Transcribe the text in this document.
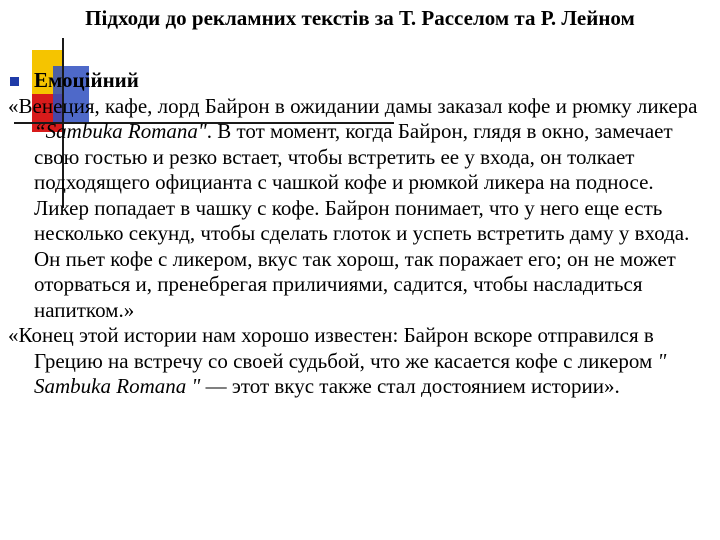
Підходи до рекламних текстів за Т. Расселом та Р. Лейном
Емоційний

«Венеция, кафе, лорд Байрон в ожидании дамы заказал кофе и рюмку ликера “Sambuka Romana". В тот момент, когда Байрон, глядя в окно, замечает свою гостью и резко встает, чтобы встретить ее у входа, он толкает подходящего официанта с чашкой кофе и рюмкой ликера на подносе. Ликер попадает в чашку с кофе. Байрон понимает, что у него еще есть несколько секунд, чтобы сделать глоток и успеть встретить даму у входа. Он пьет кофе с ликером, вкус так хорош, так поражает его; он не может оторваться и, пренебрегая приличиями, садится, чтобы насладиться напитком.»

«Конец этой истории нам хорошо известен: Байрон вскоре отправился в Грецию на встречу со своей судьбой, что же касается кофе с ликером " Sambuka Romana " — этот вкус также стал достоянием истории».
